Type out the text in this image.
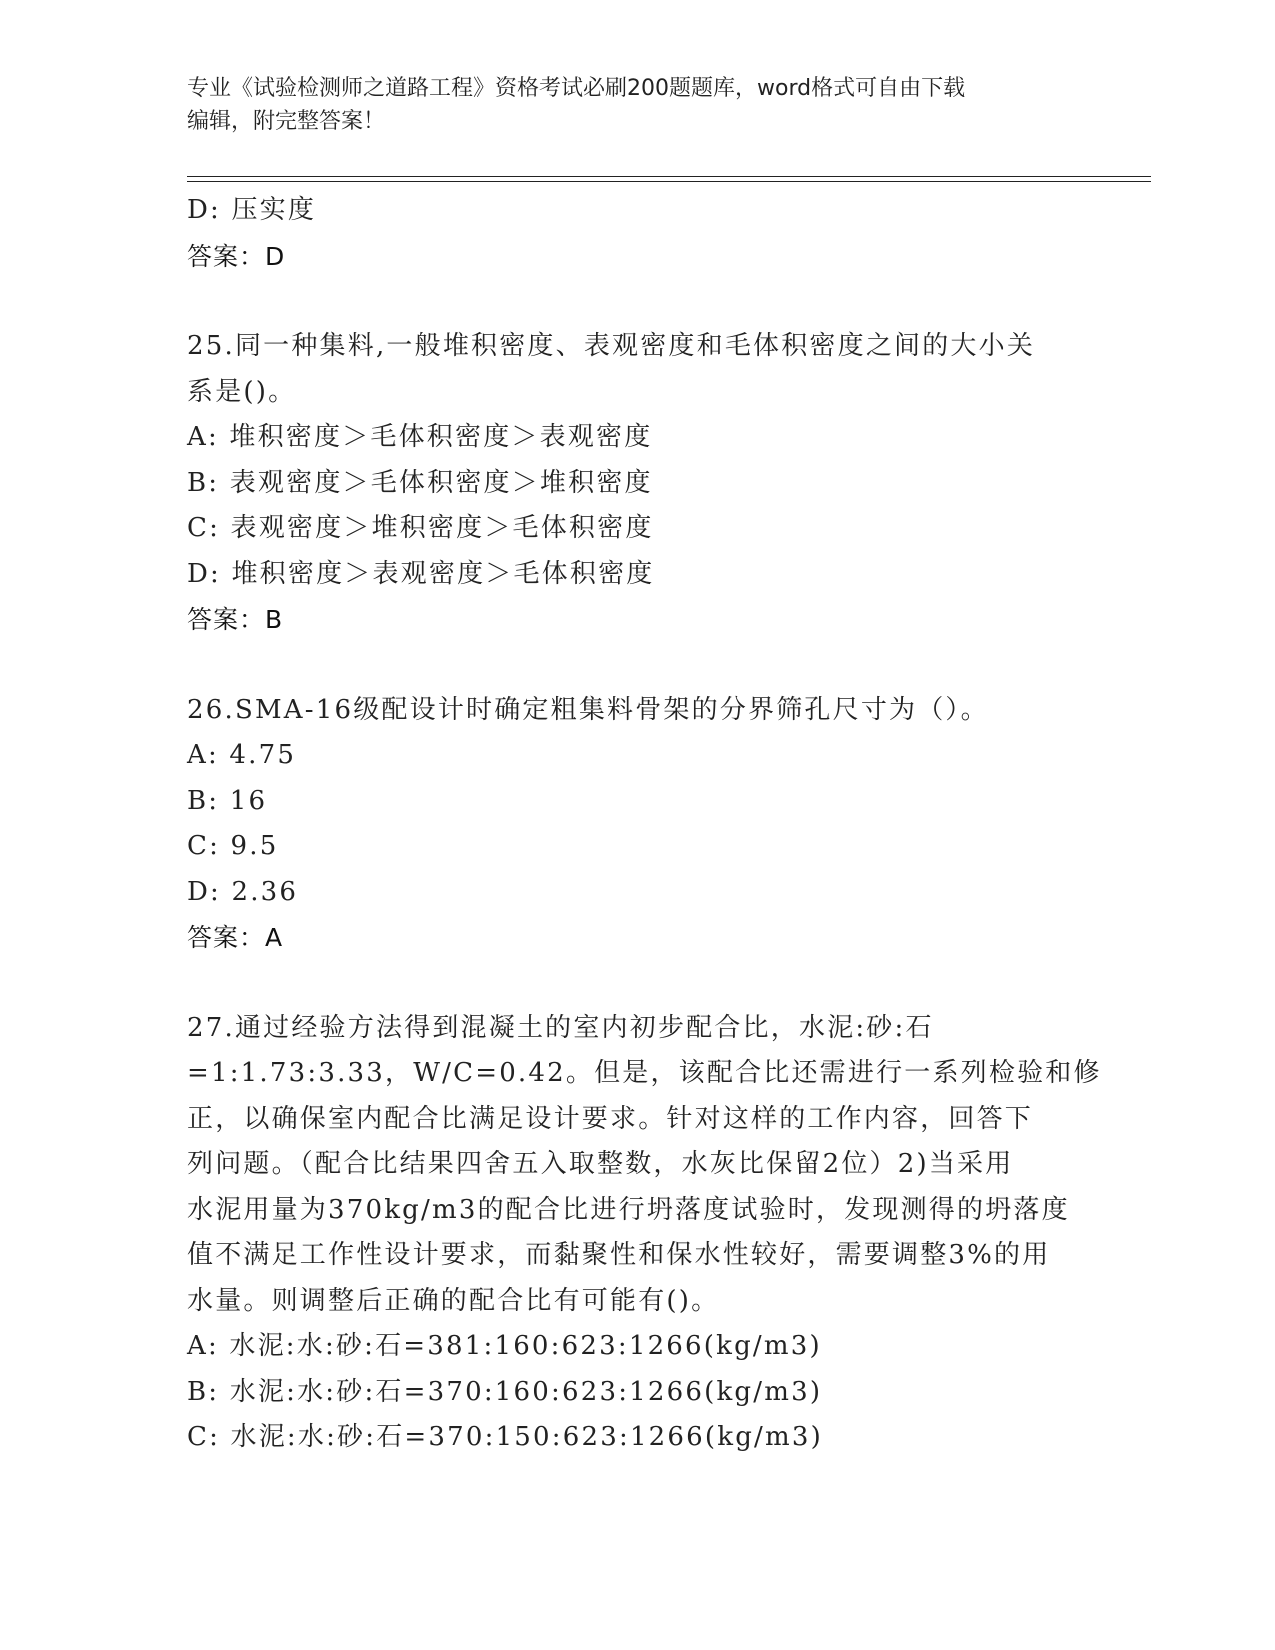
专业《试验检测师之道路工程》资格考试必刷200题题库，word格式可自由下载
编辑，附完整答案！
D: 压实度
答案：D
25.同一种集料,一般堆积密度、表观密度和毛体积密度之间的大小关
系是()。
A: 堆积密度＞毛体积密度＞表观密度
B: 表观密度＞毛体积密度＞堆积密度
C: 表观密度＞堆积密度＞毛体积密度
D: 堆积密度＞表观密度＞毛体积密度
答案：B
26.SMA-16级配设计时确定粗集料骨架的分界筛孔尺寸为（）。
A: 4.75
B: 16
C: 9.5
D: 2.36
答案：A
27.通过经验方法得到混凝土的室内初步配合比，水泥:砂:石
=1:1.73:3.33，W/C=0.42。但是，该配合比还需进行一系列检验和修
正，以确保室内配合比满足设计要求。针对这样的工作内容，回答下
列问题。（配合比结果四舍五入取整数，水灰比保留2位）2)当采用
水泥用量为370kg/m3的配合比进行坍落度试验时，发现测得的坍落度
值不满足工作性设计要求，而黏聚性和保水性较好，需要调整3%的用
水量。则调整后正确的配合比有可能有()。
A: 水泥:水:砂:石=381:160:623:1266(kg/m3)
B: 水泥:水:砂:石=370:160:623:1266(kg/m3)
C: 水泥:水:砂:石=370:150:623:1266(kg/m3)
